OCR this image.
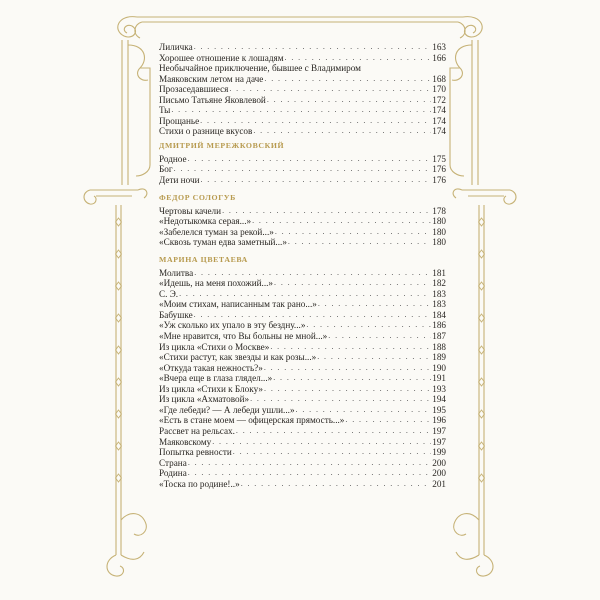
Лиличка . . .	163
Хорошее отношение к лошадям . . .	166
Необычайное приключение, бывшее с Владимиром
Маяковским летом на даче . . .	168
Прозаседавшиеся . . .	170
Письмо Татьяне Яковлевой . . .	172
Ты . . .	174
Прощанье . . .	174
Стихи о разнице вкусов . . .	174
ДМИТРИЙ МЕРЕЖКОВСКИЙ
Родное . . .	175
Бог . . .	176
Дети ночи . . .	176
ФЕДОР СОЛОГУБ
Чертовы качели . . .	178
«Недотыкомка серая...» . . .	180
«Забелелся туман за рекой...» . . .	180
«Сквозь туман едва заметный...» . . .	180
МАРИНА ЦВЕТАЕВА
Молитва . . .	181
«Идешь, на меня похожий...» . . .	182
С. Э. . . .	183
«Моим стихам, написанным так рано...» . . .	183
Бабушке . . .	184
«Уж сколько их упало в эту бездну...» . . .	186
«Мне нравится, что Вы больны не мной...» . . .	187
Из цикла «Стихи о Москве» . . .	188
«Стихи растут, как звезды и как розы...» . . .	189
«Откуда такая нежность?» . . .	190
«Вчера еще в глаза глядел...» . . .	191
Из цикла «Стихи к Блоку» . . .	193
Из цикла «Ахматовой» . . .	194
«Где лебеди? — А лебеди ушли...» . . .	195
«Есть в стане моем — офицерская прямость...» . . .	196
Рассвет на рельсах. . . .	197
Маяковскому . . .	197
Попытка ревности . . .	199
Страна . . .	200
Родина . . .	200
«Тоска по родине!..» . . .	201
